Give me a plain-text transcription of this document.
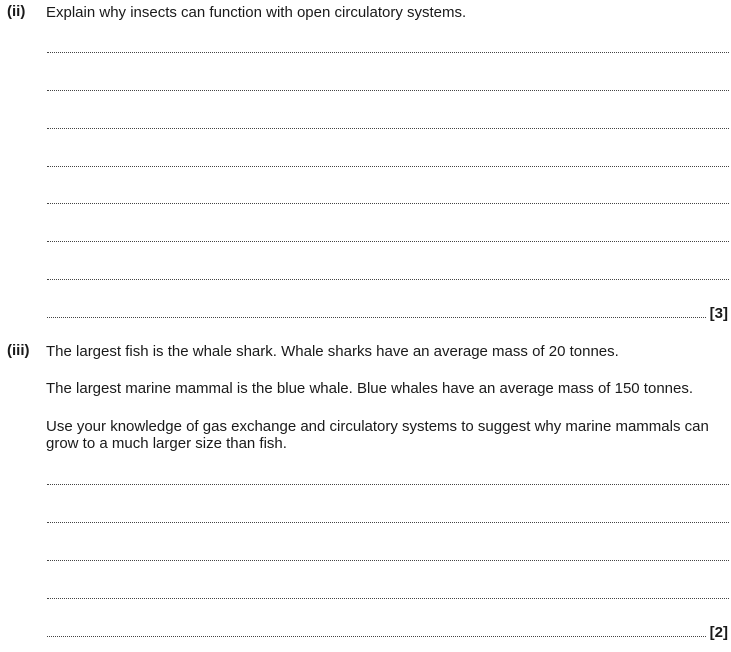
(ii) Explain why insects can function with open circulatory systems.
[3]
(iii) The largest fish is the whale shark. Whale sharks have an average mass of 20 tonnes.
The largest marine mammal is the blue whale. Blue whales have an average mass of 150 tonnes.
Use your knowledge of gas exchange and circulatory systems to suggest why marine mammals can grow to a much larger size than fish.
[2]
